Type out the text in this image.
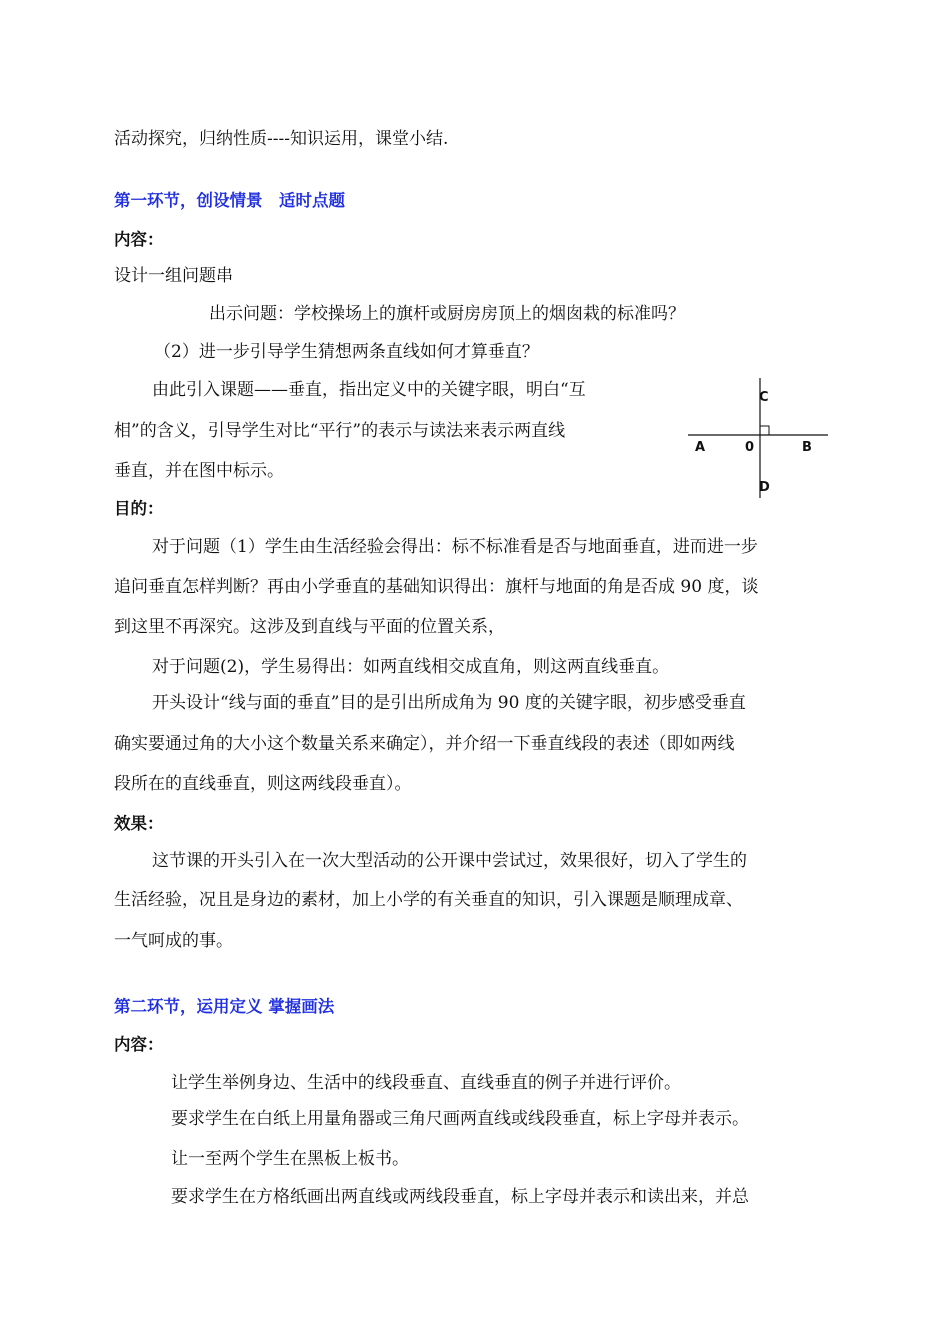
活动探究，归纳性质----知识运用，课堂小结.
第一环节，创设情景　适时点题
内容：
设计一组问题串
出示问题：学校操场上的旗杆或厨房房顶上的烟囱栽的标准吗？
（2）进一步引导学生猜想两条直线如何才算垂直？
由此引入课题——垂直，指出定义中的关键字眼，明白“互
相”的含义，引导学生对比“平行”的表示与读法来表示两直线
垂直，并在图中标示。
C
A	0	B
D
目的：
对于问题（1）学生由生活经验会得出：标不标准看是否与地面垂直，进而进一步
追问垂直怎样判断？再由小学垂直的基础知识得出：旗杆与地面的角是否成 90 度，谈
到这里不再深究。这涉及到直线与平面的位置关系，
对于问题(2)，学生易得出：如两直线相交成直角，则这两直线垂直。
开头设计“线与面的垂直”目的是引出所成角为 90 度的关键字眼，初步感受垂直
确实要通过角的大小这个数量关系来确定），并介绍一下垂直线段的表述（即如两线
段所在的直线垂直，则这两线段垂直）。
效果：
这节课的开头引入在一次大型活动的公开课中尝试过，效果很好，切入了学生的
生活经验，况且是身边的素材，加上小学的有关垂直的知识，引入课题是顺理成章、
一气呵成的事。
第二环节，运用定义 掌握画法
内容：
让学生举例身边、生活中的线段垂直、直线垂直的例子并进行评价。
要求学生在白纸上用量角器或三角尺画两直线或线段垂直，标上字母并表示。
让一至两个学生在黑板上板书。
要求学生在方格纸画出两直线或两线段垂直，标上字母并表示和读出来，并总
